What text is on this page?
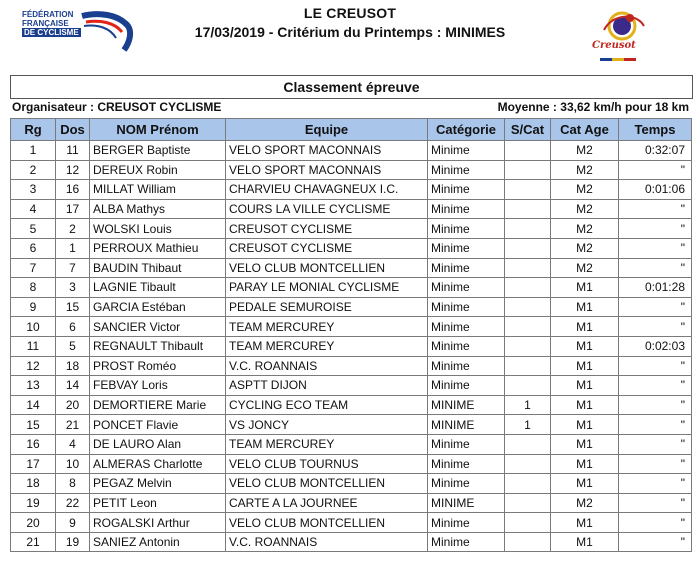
FÉDÉRATION
FRANÇAISE
DE CYCLISME
LE CREUSOT
17/03/2019 - Critérium du Printemps : MINIMES
Creusot
Classement épreuve
Organisateur : CREUSOT CYCLISME	Moyenne : 33,62 km/h pour 18 km
Rg	Dos	NOM Prénom	Equipe	Catégorie	S/Cat	Cat Age	Temps
1	11	BERGER Baptiste	VELO SPORT MACONNAIS	Minime		M2	0:32:07
2	12	DEREUX Robin	VELO SPORT MACONNAIS	Minime		M2	"
3	16	MILLAT William	CHARVIEU CHAVAGNEUX I.C.	Minime		M2	0:01:06
4	17	ALBA Mathys	COURS LA VILLE CYCLISME	Minime		M2	"
5	2	WOLSKI Louis	CREUSOT CYCLISME	Minime		M2	"
6	1	PERROUX Mathieu	CREUSOT CYCLISME	Minime		M2	"
7	7	BAUDIN Thibaut	VELO CLUB MONTCELLIEN	Minime		M2	"
8	3	LAGNIE Tibault	PARAY LE MONIAL CYCLISME	Minime		M1	0:01:28
9	15	GARCIA Estéban	PEDALE SEMUROISE	Minime		M1	"
10	6	SANCIER Victor	TEAM MERCUREY	Minime		M1	"
11	5	REGNAULT Thibault	TEAM MERCUREY	Minime		M1	0:02:03
12	18	PROST Roméo	V.C. ROANNAIS	Minime		M1	"
13	14	FEBVAY Loris	ASPTT DIJON	Minime		M1	"
14	20	DEMORTIERE Marie	CYCLING ECO TEAM	MINIME	1	M1	"
15	21	PONCET Flavie	VS JONCY	MINIME	1	M1	"
16	4	DE LAURO Alan	TEAM MERCUREY	Minime		M1	"
17	10	ALMERAS Charlotte	VELO CLUB TOURNUS	Minime		M1	"
18	8	PEGAZ Melvin	VELO CLUB MONTCELLIEN	Minime		M1	"
19	22	PETIT Leon	CARTE A LA JOURNEE	MINIME		M2	"
20	9	ROGALSKI Arthur	VELO CLUB MONTCELLIEN	Minime		M1	"
21	19	SANIEZ Antonin	V.C. ROANNAIS	Minime		M1	"
